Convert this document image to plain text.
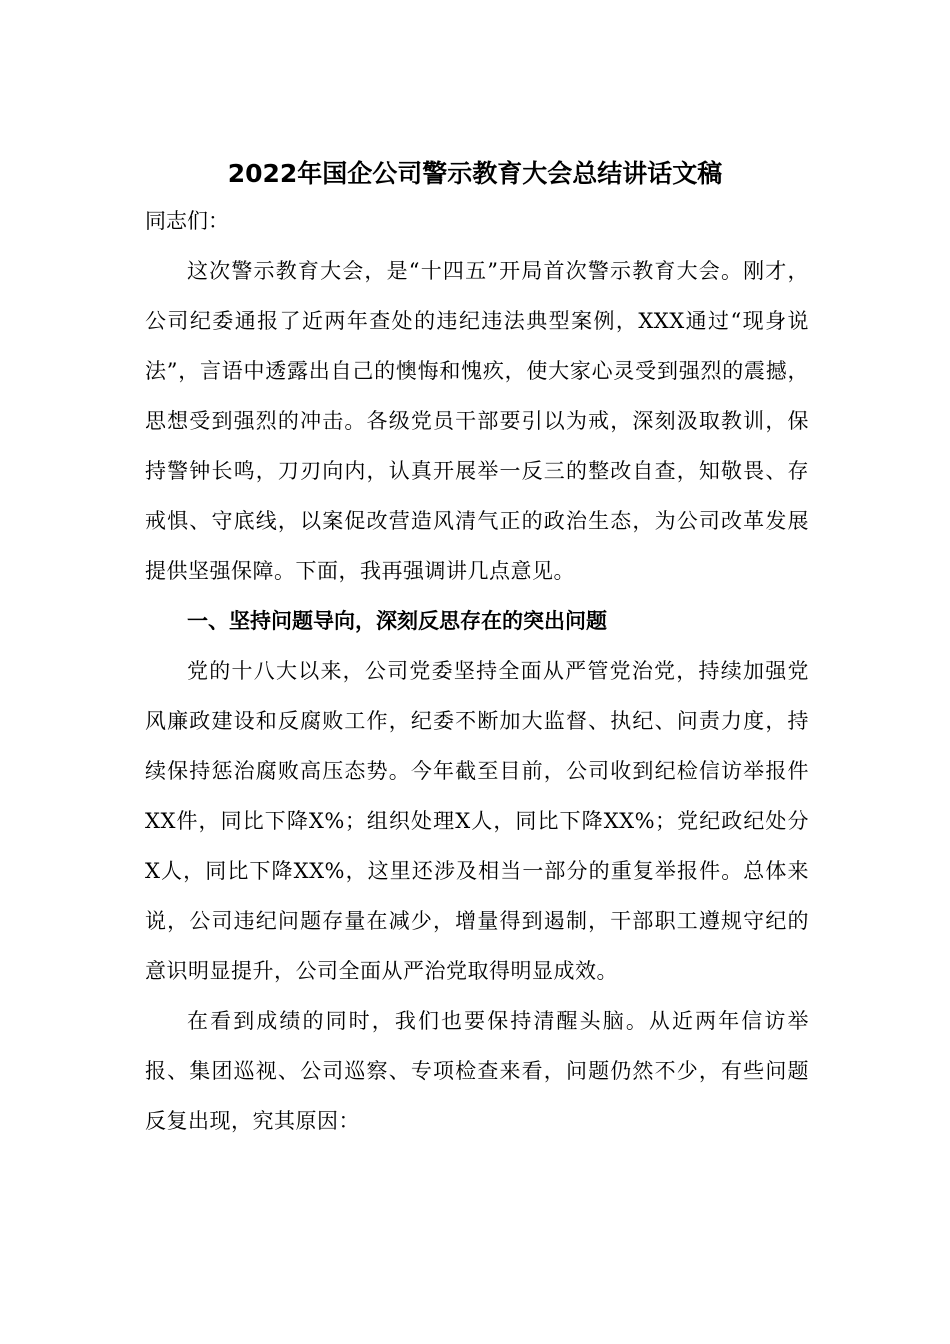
2022年国企公司警示教育大会总结讲话文稿

同志们：

这次警示教育大会，是“十四五”开局首次警示教育大会。刚才，公司纪委通报了近两年查处的违纪违法典型案例，XXX通过“现身说法”，言语中透露出自己的懊悔和愧疚，使大家心灵受到强烈的震撼，思想受到强烈的冲击。各级党员干部要引以为戒，深刻汲取教训，保持警钟长鸣，刀刃向内，认真开展举一反三的整改自查，知敬畏、存戒惧、守底线，以案促改营造风清气正的政治生态，为公司改革发展提供坚强保障。下面，我再强调讲几点意见。

一、坚持问题导向，深刻反思存在的突出问题

党的十八大以来，公司党委坚持全面从严管党治党，持续加强党风廉政建设和反腐败工作，纪委不断加大监督、执纪、问责力度，持续保持惩治腐败高压态势。今年截至目前，公司收到纪检信访举报件XX件，同比下降X%；组织处理X人，同比下降XX%；党纪政纪处分X人，同比下降XX%，这里还涉及相当一部分的重复举报件。总体来说，公司违纪问题存量在减少，增量得到遏制，干部职工遵规守纪的意识明显提升，公司全面从严治党取得明显成效。

在看到成绩的同时，我们也要保持清醒头脑。从近两年信访举报、集团巡视、公司巡察、专项检查来看，问题仍然不少，有些问题反复出现，究其原因：
